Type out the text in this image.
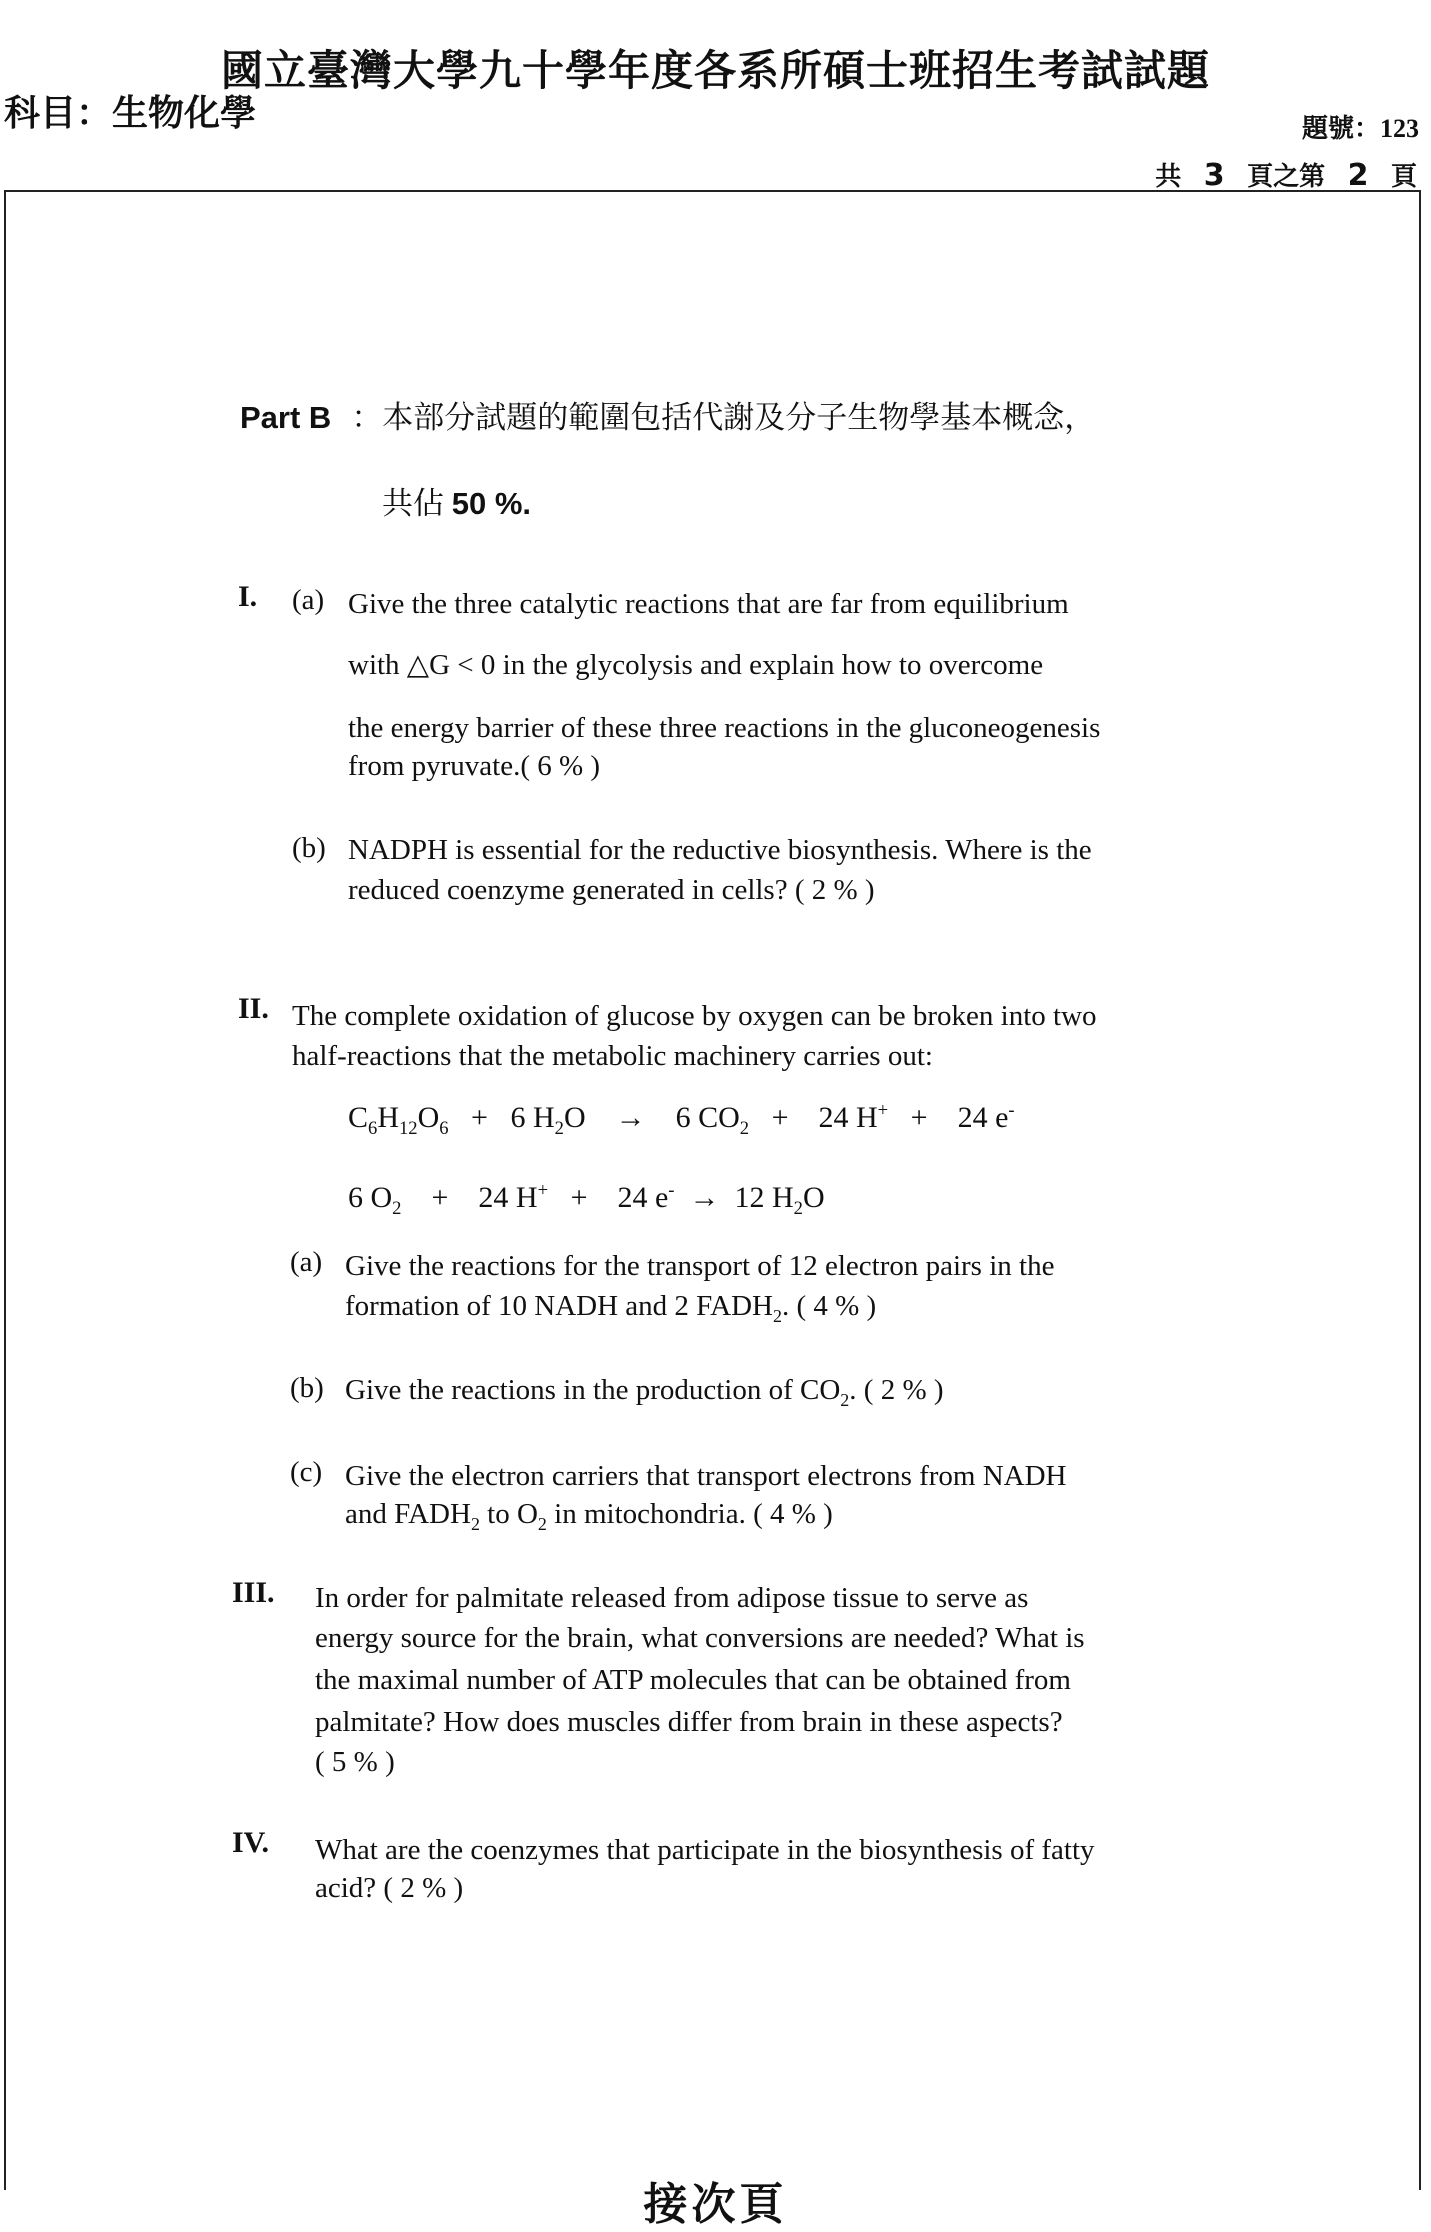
國立臺灣大學九十學年度各系所碩士班招生考試試題
科目：生物化學	題號：123
共 3 頁之第 2 頁
Part B ：本部分試題的範圍包括代謝及分子生物學基本概念，
共佔 50 %.
I. (a) Give the three catalytic reactions that are far from equilibrium
with △G < 0 in the glycolysis and explain how to overcome
the energy barrier of these three reactions in the gluconeogenesis
from pyruvate.( 6 % )
(b) NADPH is essential for the reductive biosynthesis. Where is the
reduced coenzyme generated in cells? ( 2 % )
II. The complete oxidation of glucose by oxygen can be broken into two
half-reactions that the metabolic machinery carries out:
$C_6H_{12}O_6 + 6$ $H_2O$    →    6 $CO_2$   +    24 H+   +    24 e-
6 $O_2$    +    24 H+   +    24 e-  →  12 $H_2O$
(a) Give the reactions for the transport of 12 electron pairs in the
formation of 10 NADH and 2 $FADH_2$. ( 4 % )
(b) Give the reactions in the production of $CO_2$. ( 2 % )
(c) Give the electron carriers that transport electrons from NADH
and $FADH_2$ to $O_2$ in mitochondria. ( 4 % )
III. In order for palmitate released from adipose tissue to serve as
energy source for the brain, what conversions are needed? What is
the maximal number of ATP molecules that can be obtained from
palmitate? How does muscles differ from brain in these aspects?
( 5 % )
IV. What are the coenzymes that participate in the biosynthesis of fatty
acid? ( 2 % )
接次頁
